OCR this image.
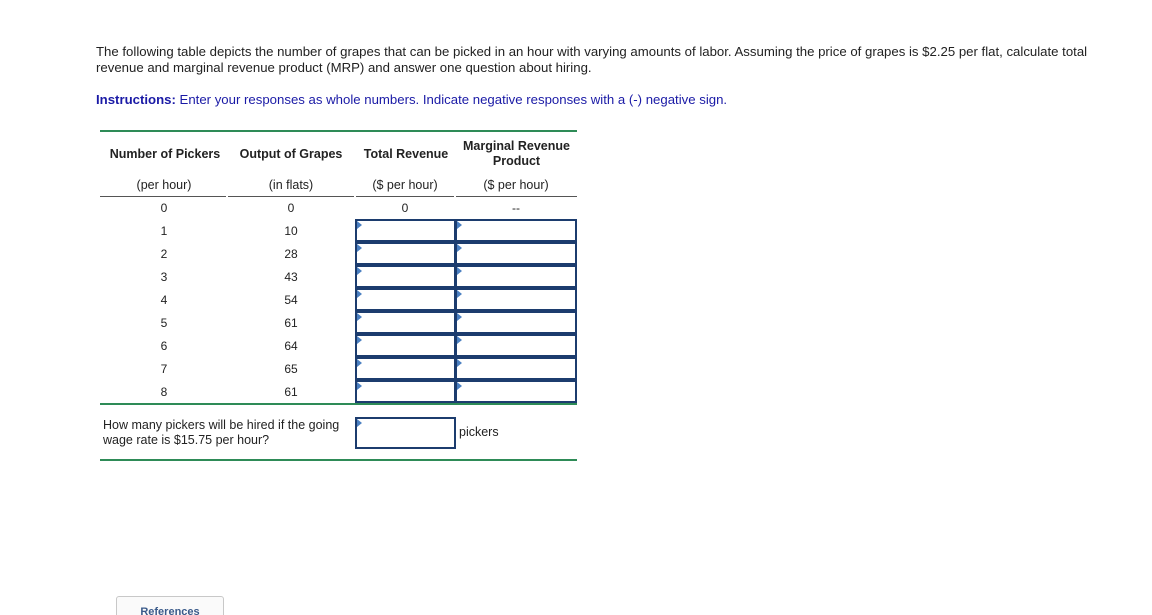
The following table depicts the number of grapes that can be picked in an hour with varying amounts of labor. Assuming the price of grapes is $2.25 per flat, calculate total revenue and marginal revenue product (MRP) and answer one question about hiring.
Instructions: Enter your responses as whole numbers. Indicate negative responses with a (-) negative sign.
Number of Pickers	Output of Grapes	Total Revenue
Marginal Revenue
Product
(per hour)	(in flats)	($ per hour)	($ per hour)
0	0	0	--
1	10
2	28
3	43
4	54
5	61
6	64
7	65
8	61
How many pickers will be hired if the going wage rate is $15.75 per hour?
pickers
References
